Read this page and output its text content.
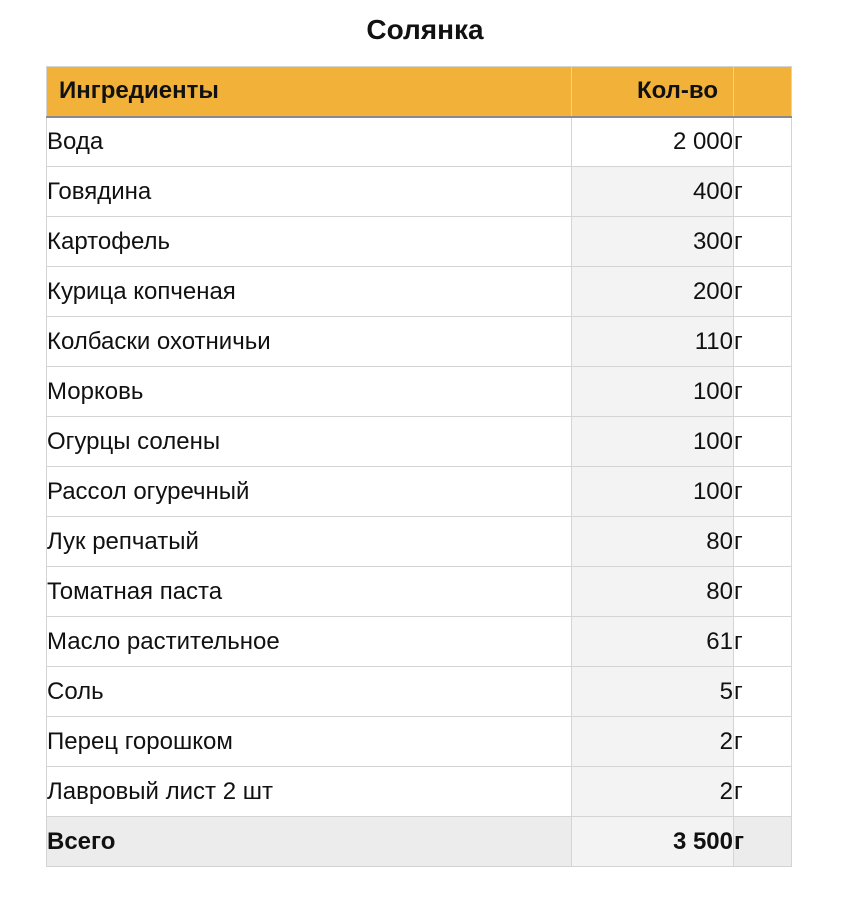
Солянка
Ингредиенты	Кол-во	
Вода	2 000	г
Говядина	400	г
Картофель	300	г
Курица копченая	200	г
Колбаски охотничьи	110	г
Морковь	100	г
Огурцы солены	100	г
Рассол огуречный	100	г
Лук репчатый	80	г
Томатная паста	80	г
Масло растительное	61	г
Соль	5	г
Перец горошком	2	г
Лавровый лист 2 шт	2	г
Всего	3 500	г
